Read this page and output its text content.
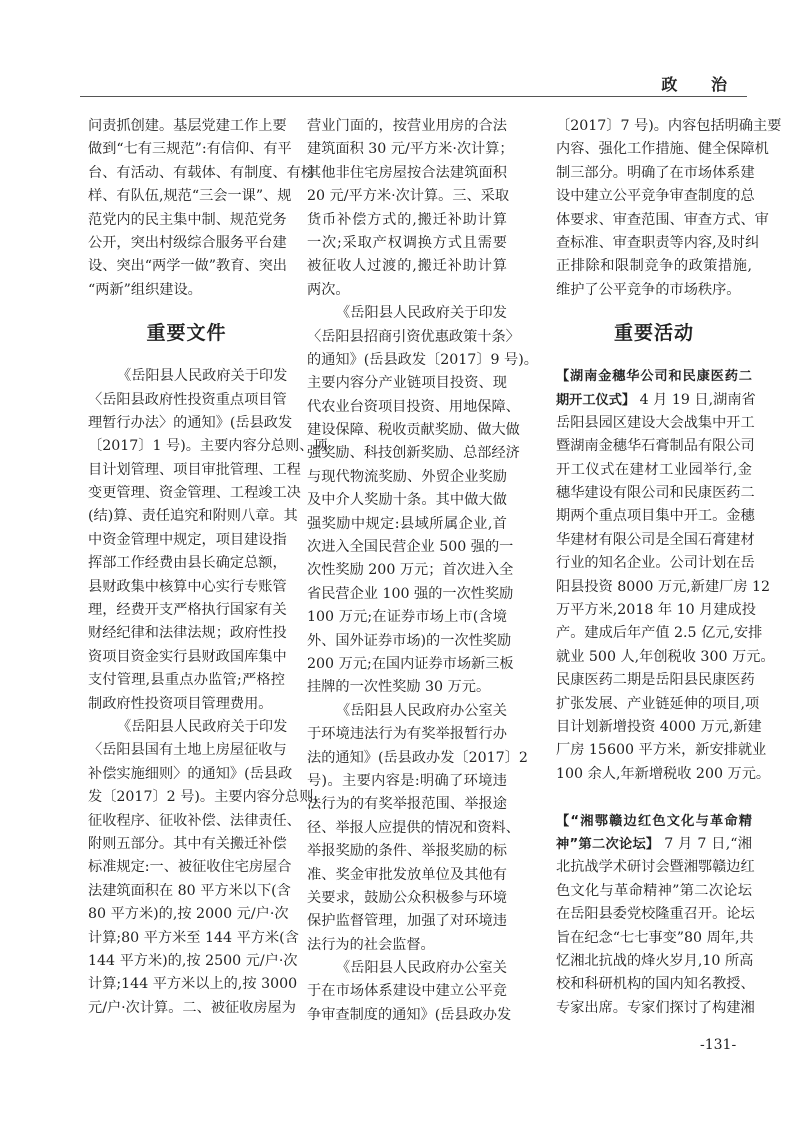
政 治
问责抓创建。基层党建工作上要
做到“七有三规范”:有信仰、有平
台、有活动、有载体、有制度、有榜
样、有队伍,规范“三会一课”、规
范党内的民主集中制、规范党务
公开，突出村级综合服务平台建
设、突出“两学一做”教育、突出
“两新”组织建设。
重要文件
《岳阳县人民政府关于印发
〈岳阳县政府性投资重点项目管
理暂行办法〉的通知》(岳县政发
〔2017〕1 号)。主要内容分总则、项
目计划管理、项目审批管理、工程
变更管理、资金管理、工程竣工决
(结)算、责任追究和附则八章。其
中资金管理中规定，项目建设指
挥部工作经费由县长确定总额，
县财政集中核算中心实行专账管
理，经费开支严格执行国家有关
财经纪律和法律法规；政府性投
资项目资金实行县财政国库集中
支付管理,县重点办监管;严格控
制政府性投资项目管理费用。
《岳阳县人民政府关于印发
〈岳阳县国有土地上房屋征收与
补偿实施细则〉的通知》(岳县政
发〔2017〕2 号)。主要内容分总则、
征收程序、征收补偿、法律责任、
附则五部分。其中有关搬迁补偿
标准规定:一、被征收住宅房屋合
法建筑面积在 80 平方米以下(含
80 平方米)的,按 2000 元/户·次
计算;80 平方米至 144 平方米(含
144 平方米)的,按 2500 元/户·次
计算;144 平方米以上的,按 3000
元/户·次计算。二、被征收房屋为
营业门面的，按营业用房的合法
建筑面积 30 元/平方米·次计算；
其他非住宅房屋按合法建筑面积
20 元/平方米·次计算。三、采取
货币补偿方式的,搬迁补助计算
一次;采取产权调换方式且需要
被征收人过渡的,搬迁补助计算
两次。
《岳阳县人民政府关于印发
〈岳阳县招商引资优惠政策十条〉
的通知》(岳县政发〔2017〕9 号)。
主要内容分产业链项目投资、现
代农业台资项目投资、用地保障、
建设保障、税收贡献奖励、做大做
强奖励、科技创新奖励、总部经济
与现代物流奖励、外贸企业奖励
及中介人奖励十条。其中做大做
强奖励中规定:县域所属企业,首
次进入全国民营企业 500 强的一
次性奖励 200 万元；首次进入全
省民营企业 100 强的一次性奖励
100 万元;在证券市场上市(含境
外、国外证券市场)的一次性奖励
200 万元;在国内证券市场新三板
挂牌的一次性奖励 30 万元。
《岳阳县人民政府办公室关
于环境违法行为有奖举报暂行办
法的通知》(岳县政办发〔2017〕2
号)。主要内容是:明确了环境违
法行为的有奖举报范围、举报途
径、举报人应提供的情况和资料、
举报奖励的条件、举报奖励的标
准、奖金审批发放单位及其他有
关要求，鼓励公众积极参与环境
保护监督管理，加强了对环境违
法行为的社会监督。
《岳阳县人民政府办公室关
于在市场体系建设中建立公平竞
争审查制度的通知》(岳县政办发
〔2017〕7 号)。内容包括明确主要
内容、强化工作措施、健全保障机
制三部分。明确了在市场体系建
设中建立公平竞争审查制度的总
体要求、审查范围、审查方式、审
查标准、审查职责等内容,及时纠
正排除和限制竞争的政策措施,
维护了公平竞争的市场秩序。
重要活动
【湖南金穗华公司和民康医药二
期开工仪式】 4 月 19 日,湖南省
岳阳县园区建设大会战集中开工
暨湖南金穗华石膏制品有限公司
开工仪式在建材工业园举行,金
穗华建设有限公司和民康医药二
期两个重点项目集中开工。金穗
华建材有限公司是全国石膏建材
行业的知名企业。公司计划在岳
阳县投资 8000 万元,新建厂房 12
万平方米,2018 年 10 月建成投
产。建成后年产值 2.5 亿元,安排
就业 500 人,年创税收 300 万元。
民康医药二期是岳阳县民康医药
扩张发展、产业链延伸的项目,项
目计划新增投资 4000 万元,新建
厂房 15600 平方米，新安排就业
100 余人,年新增税收 200 万元。
【“湘鄂赣边红色文化与革命精
神”第二次论坛】 7 月 7 日,“湘
北抗战学术研讨会暨湘鄂赣边红
色文化与革命精神”第二次论坛
在岳阳县委党校隆重召开。论坛
旨在纪念“七七事变”80 周年,共
忆湘北抗战的烽火岁月,10 所高
校和科研机构的国内知名教授、
专家出席。专家们探讨了构建湘
-131-
